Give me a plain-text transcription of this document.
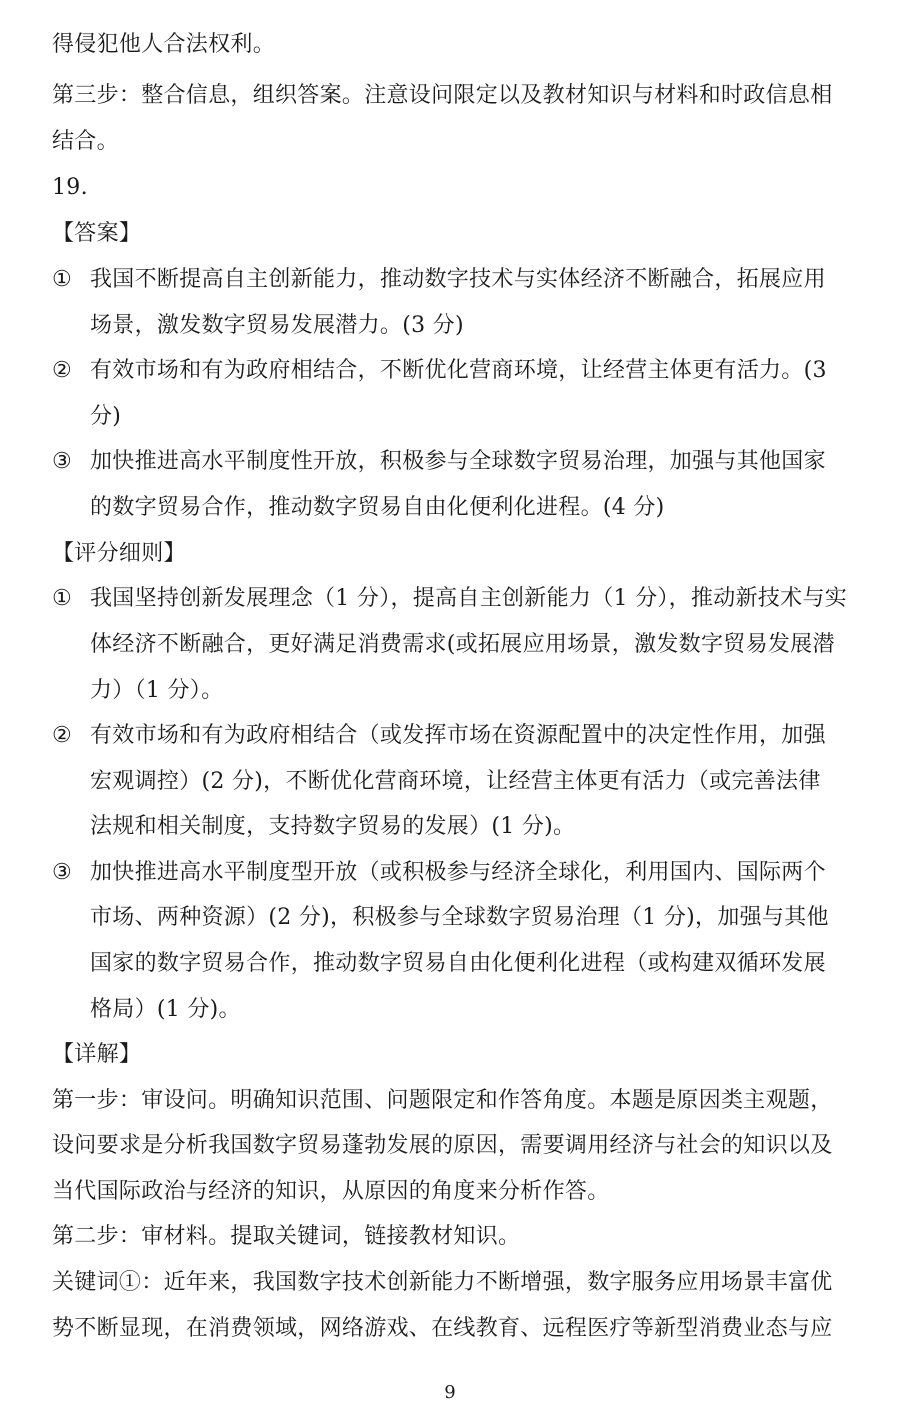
得侵犯他人合法权利。
第三步：整合信息，组织答案。注意设问限定以及教材知识与材料和时政信息相
结合。
19.
【答案】
① 我国不断提高自主创新能力，推动数字技术与实体经济不断融合，拓展应用
场景，激发数字贸易发展潜力。(3 分)
② 有效市场和有为政府相结合，不断优化营商环境，让经营主体更有活力。(3
分)
③ 加快推进高水平制度性开放，积极参与全球数字贸易治理，加强与其他国家
的数字贸易合作，推动数字贸易自由化便利化进程。(4 分)
【评分细则】
① 我国坚持创新发展理念（1 分），提高自主创新能力（1 分），推动新技术与实
体经济不断融合，更好满足消费需求(或拓展应用场景，激发数字贸易发展潜
力）（1 分）。
② 有效市场和有为政府相结合（或发挥市场在资源配置中的决定性作用，加强
宏观调控）(2 分)，不断优化营商环境，让经营主体更有活力（或完善法律
法规和相关制度，支持数字贸易的发展）(1 分)。
③ 加快推进高水平制度型开放（或积极参与经济全球化，利用国内、国际两个
市场、两种资源）(2 分)，积极参与全球数字贸易治理（1 分)，加强与其他
国家的数字贸易合作，推动数字贸易自由化便利化进程（或构建双循环发展
格局）(1 分)。
【详解】
第一步：审设问。明确知识范围、问题限定和作答角度。本题是原因类主观题，
设问要求是分析我国数字贸易蓬勃发展的原因，需要调用经济与社会的知识以及
当代国际政治与经济的知识，从原因的角度来分析作答。
第二步：审材料。提取关键词，链接教材知识。
关键词①：近年来，我国数字技术创新能力不断增强，数字服务应用场景丰富优
势不断显现，在消费领域，网络游戏、在线教育、远程医疗等新型消费业态与应
9
